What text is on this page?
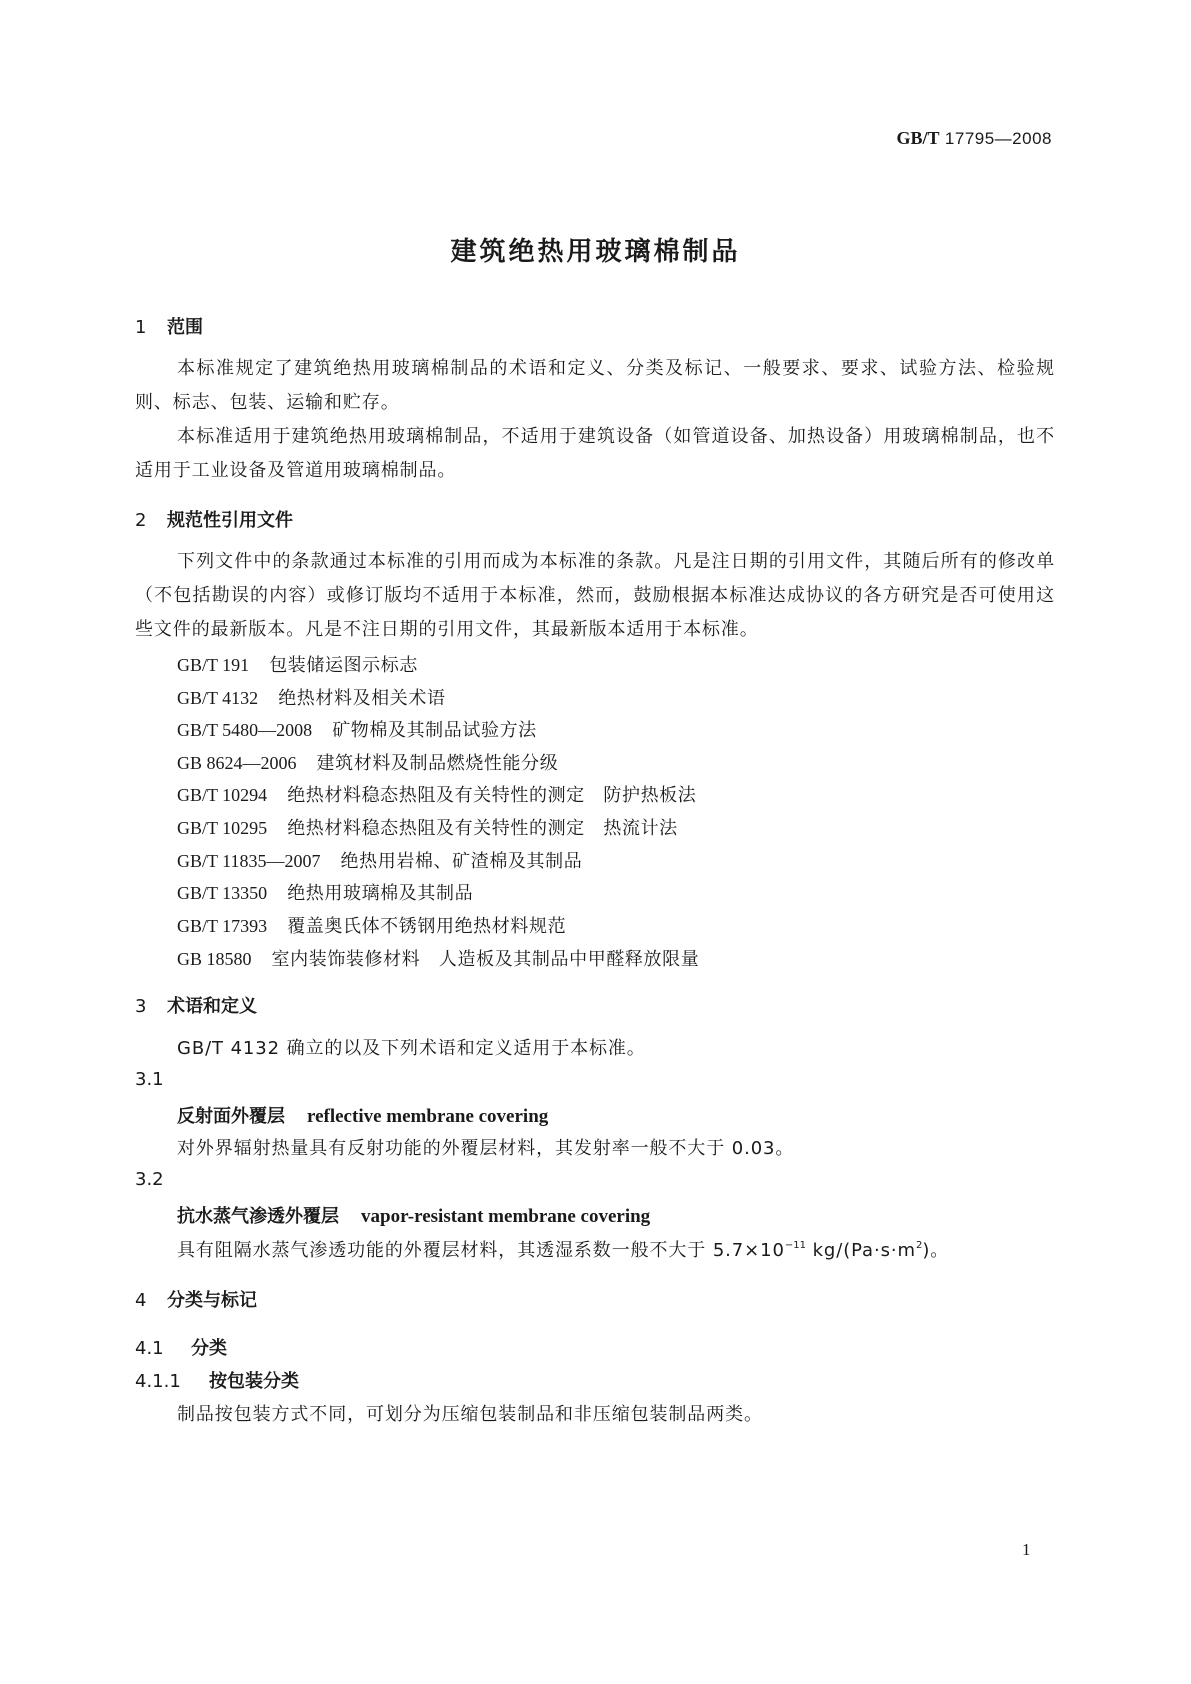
GB/T 17795—2008
建筑绝热用玻璃棉制品
1 范围
本标准规定了建筑绝热用玻璃棉制品的术语和定义、分类及标记、一般要求、要求、试验方法、检验规则、标志、包装、运输和贮存。
本标准适用于建筑绝热用玻璃棉制品，不适用于建筑设备（如管道设备、加热设备）用玻璃棉制品，也不适用于工业设备及管道用玻璃棉制品。
2 规范性引用文件
下列文件中的条款通过本标准的引用而成为本标准的条款。凡是注日期的引用文件，其随后所有的修改单（不包括勘误的内容）或修订版均不适用于本标准，然而，鼓励根据本标准达成协议的各方研究是否可使用这些文件的最新版本。凡是不注日期的引用文件，其最新版本适用于本标准。
GB/T 191 包装储运图示标志
GB/T 4132 绝热材料及相关术语
GB/T 5480—2008 矿物棉及其制品试验方法
GB 8624—2006 建筑材料及制品燃烧性能分级
GB/T 10294 绝热材料稳态热阻及有关特性的测定　防护热板法
GB/T 10295 绝热材料稳态热阻及有关特性的测定　热流计法
GB/T 11835—2007 绝热用岩棉、矿渣棉及其制品
GB/T 13350 绝热用玻璃棉及其制品
GB/T 17393 覆盖奥氏体不锈钢用绝热材料规范
GB 18580 室内装饰装修材料　人造板及其制品中甲醛释放限量
3 术语和定义
GB/T 4132 确立的以及下列术语和定义适用于本标准。
3.1
反射面外覆层 reflective membrane covering
对外界辐射热量具有反射功能的外覆层材料，其发射率一般不大于 0.03。
3.2
抗水蒸气渗透外覆层 vapor-resistant membrane covering
具有阻隔水蒸气渗透功能的外覆层材料，其透湿系数一般不大于 $5.7\times 10^{-11}$ $kg/(Pa\cdot s\cdot m^2)$。
4 分类与标记
4.1 分类
4.1.1 按包装分类
制品按包装方式不同，可划分为压缩包装制品和非压缩包装制品两类。
1
